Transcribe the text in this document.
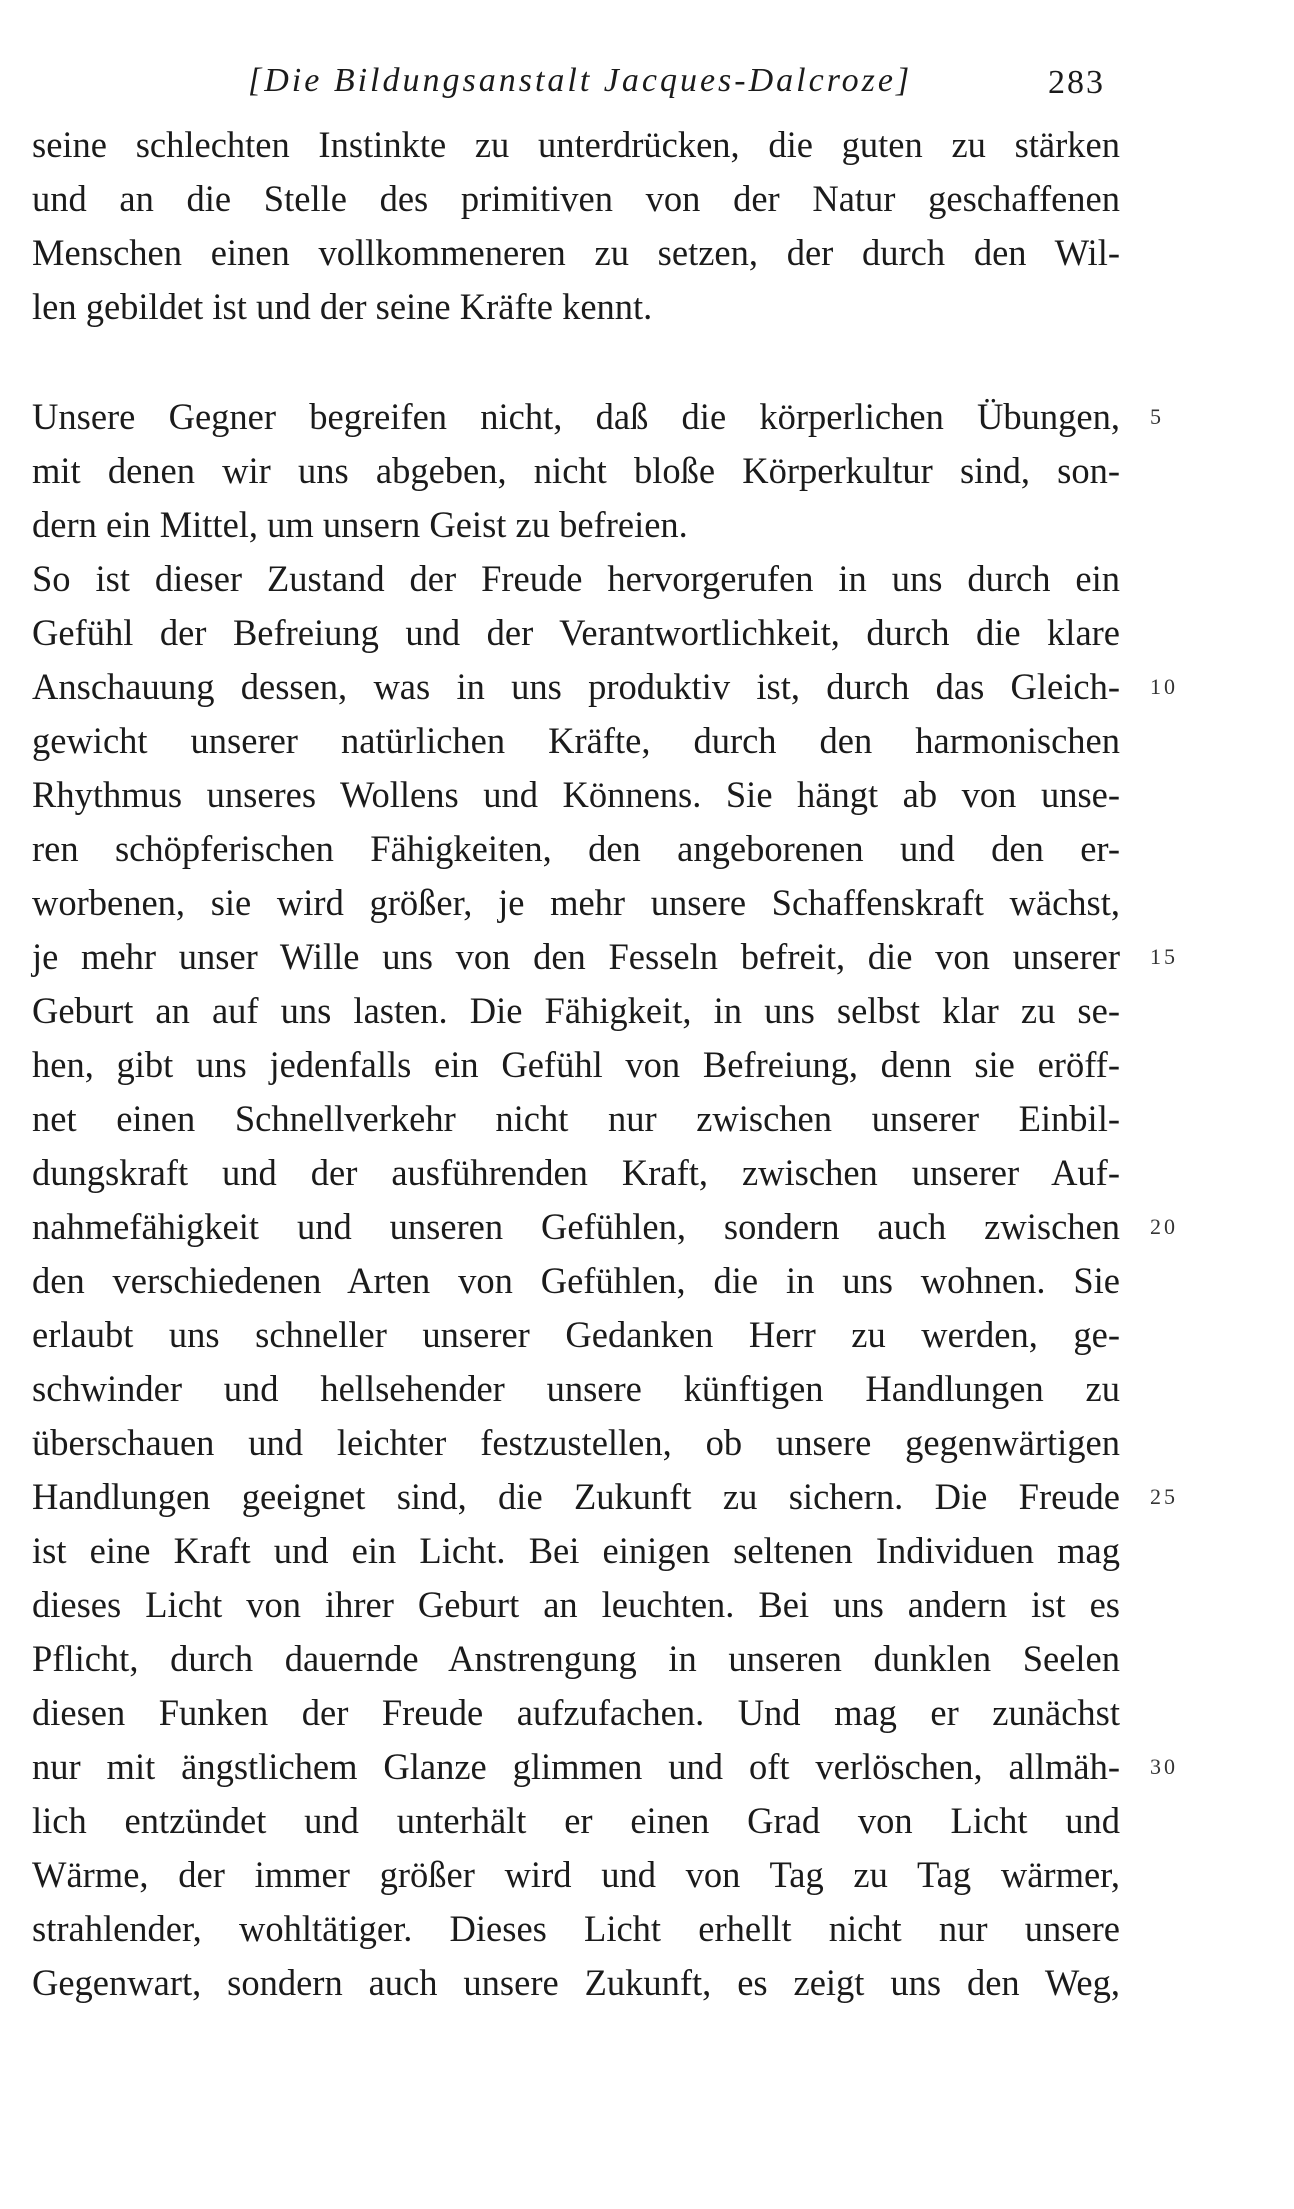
[Die Bildungsanstalt Jacques-Dalcroze]	283
seine schlechten Instinkte zu unterdrücken, die guten zu stärken
und an die Stelle des primitiven von der Natur geschaffenen
Menschen einen vollkommeneren zu setzen, der durch den Wil-
len gebildet ist und der seine Kräfte kennt.
Unsere Gegner begreifen nicht, daß die körperlichen Übungen,
mit denen wir uns abgeben, nicht bloße Körperkultur sind, son-
dern ein Mittel, um unsern Geist zu befreien.
So ist dieser Zustand der Freude hervorgerufen in uns durch ein
Gefühl der Befreiung und der Verantwortlichkeit, durch die klare
Anschauung dessen, was in uns produktiv ist, durch das Gleich-
gewicht unserer natürlichen Kräfte, durch den harmonischen
Rhythmus unseres Wollens und Könnens. Sie hängt ab von unse-
ren schöpferischen Fähigkeiten, den angeborenen und den er-
worbenen, sie wird größer, je mehr unsere Schaffenskraft wächst,
je mehr unser Wille uns von den Fesseln befreit, die von unserer
Geburt an auf uns lasten. Die Fähigkeit, in uns selbst klar zu se-
hen, gibt uns jedenfalls ein Gefühl von Befreiung, denn sie eröff-
net einen Schnellverkehr nicht nur zwischen unserer Einbil-
dungskraft und der ausführenden Kraft, zwischen unserer Auf-
nahmefähigkeit und unseren Gefühlen, sondern auch zwischen
den verschiedenen Arten von Gefühlen, die in uns wohnen. Sie
erlaubt uns schneller unserer Gedanken Herr zu werden, ge-
schwinder und hellsehender unsere künftigen Handlungen zu
überschauen und leichter festzustellen, ob unsere gegenwärtigen
Handlungen geeignet sind, die Zukunft zu sichern. Die Freude
ist eine Kraft und ein Licht. Bei einigen seltenen Individuen mag
dieses Licht von ihrer Geburt an leuchten. Bei uns andern ist es
Pflicht, durch dauernde Anstrengung in unseren dunklen Seelen
diesen Funken der Freude aufzufachen. Und mag er zunächst
nur mit ängstlichem Glanze glimmen und oft verlöschen, allmäh-
lich entzündet und unterhält er einen Grad von Licht und
Wärme, der immer größer wird und von Tag zu Tag wärmer,
strahlender, wohltätiger. Dieses Licht erhellt nicht nur unsere
Gegenwart, sondern auch unsere Zukunft, es zeigt uns den Weg,
5
10
15
20
25
30
